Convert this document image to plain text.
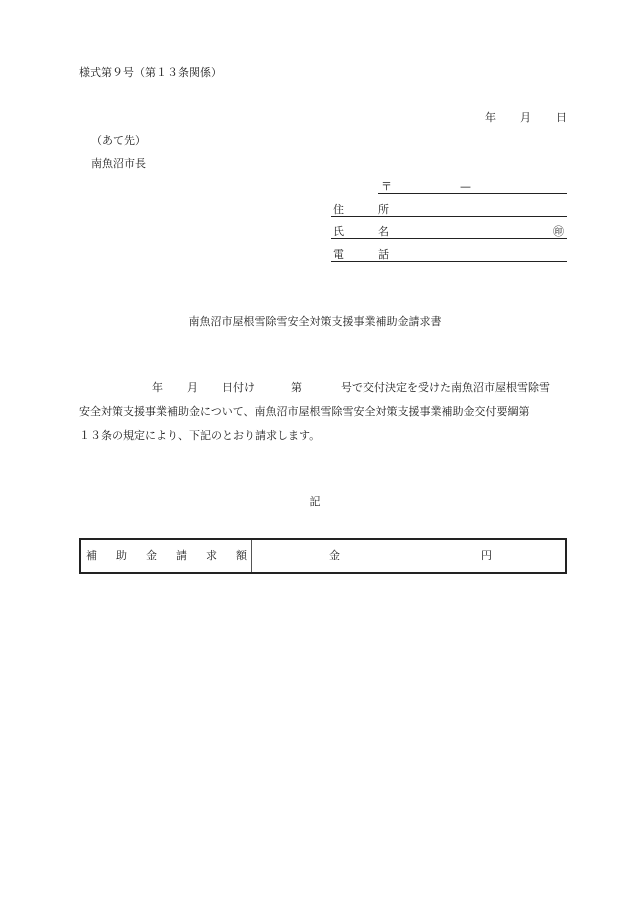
様式第９号（第１３条関係）
年 月 日
（あて先）
南魚沼市長
〒	—
住	所
氏	名	㊞
電	話
南魚沼市屋根雪除雪安全対策支援事業補助金請求書
年 月 日付け	第	号で交付決定を受けた南魚沼市屋根雪除雪
安全対策支援事業補助金について、南魚沼市屋根雪除雪安全対策支援事業補助金交付要綱第
１３条の規定により、下記のとおり請求します。
記
補 助 金 請 求 額	金	円
